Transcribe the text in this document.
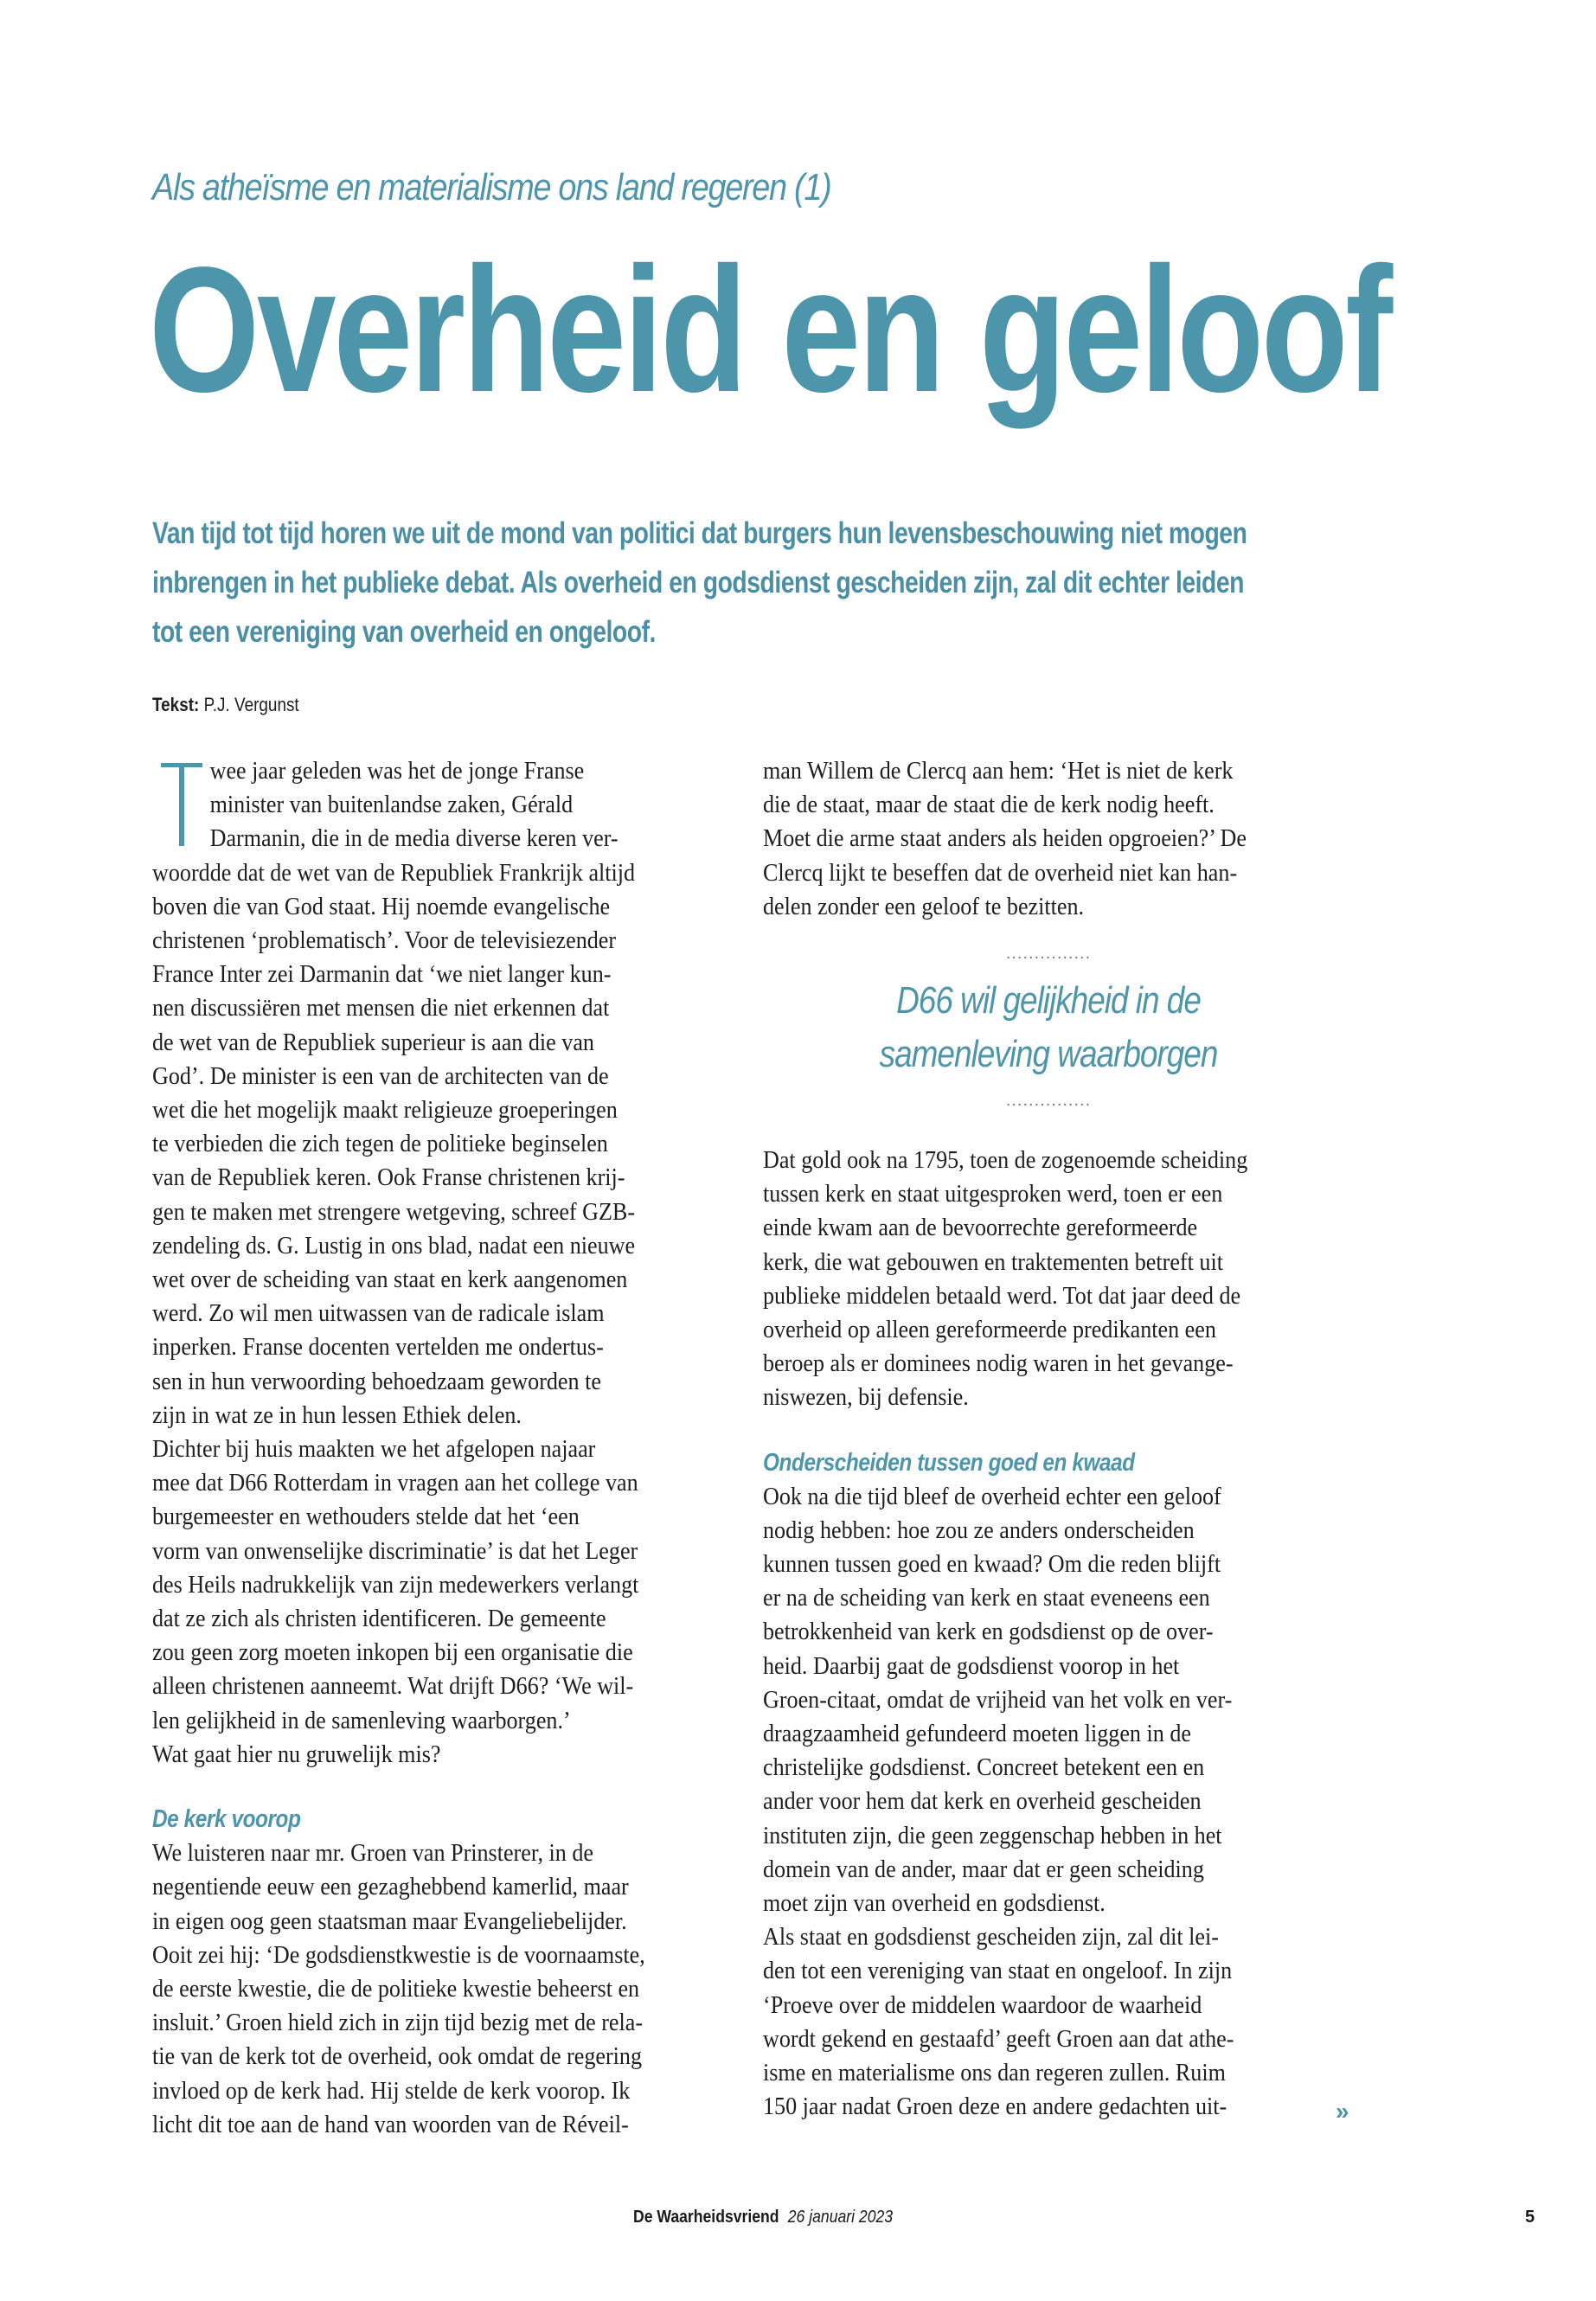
Als atheïsme en materialisme ons land regeren (1)
Overheid en geloof
Van tijd tot tijd horen we uit de mond van politici dat burgers hun levensbeschouwing niet mogen
inbrengen in het publieke debat. Als overheid en godsdienst gescheiden zijn, zal dit echter leiden
tot een vereniging van overheid en ongeloof.
Tekst: P.J. Vergunst
wee jaar geleden was het de jonge Franse
minister van buitenlandse zaken, Gérald
Darmanin, die in de media diverse keren ver-
woordde dat de wet van de Republiek Frankrijk altijd
boven die van God staat. Hij noemde evangelische
christenen ‘problematisch’. Voor de televisiezender
France Inter zei Darmanin dat ‘we niet langer kun-
nen discussiëren met mensen die niet erkennen dat
de wet van de Republiek superieur is aan die van
God’. De minister is een van de architecten van de
wet die het mogelijk maakt religieuze groeperingen
te verbieden die zich tegen de politieke beginselen
van de Republiek keren. Ook Franse christenen krij-
gen te maken met strengere wetgeving, schreef GZB-
zendeling ds. G. Lustig in ons blad, nadat een nieuwe
wet over de scheiding van staat en kerk aangenomen
werd. Zo wil men uitwassen van de radicale islam
inperken. Franse docenten vertelden me ondertus-
sen in hun verwoording behoedzaam geworden te
zijn in wat ze in hun lessen Ethiek delen.
Dichter bij huis maakten we het afgelopen najaar
mee dat D66 Rotterdam in vragen aan het college van
burgemeester en wethouders stelde dat het ‘een
vorm van onwenselijke discriminatie’ is dat het Leger
des Heils nadrukkelijk van zijn medewerkers verlangt
dat ze zich als christen identificeren. De gemeente
zou geen zorg moeten inkopen bij een organisatie die
alleen christenen aanneemt. Wat drijft D66? ‘We wil-
len gelijkheid in de samenleving waarborgen.’
Wat gaat hier nu gruwelijk mis?
De kerk voorop
We luisteren naar mr. Groen van Prinsterer, in de
negentiende eeuw een gezaghebbend kamerlid, maar
in eigen oog geen staatsman maar Evangeliebelijder.
Ooit zei hij: ‘De godsdienstkwestie is de voornaamste,
de eerste kwestie, die de politieke kwestie beheerst en
insluit.’ Groen hield zich in zijn tijd bezig met de rela-
tie van de kerk tot de overheid, ook omdat de regering
invloed op de kerk had. Hij stelde de kerk voorop. Ik
licht dit toe aan de hand van woorden van de Réveil-
man Willem de Clercq aan hem: ‘Het is niet de kerk
die de staat, maar de staat die de kerk nodig heeft.
Moet die arme staat anders als heiden opgroeien?’ De
Clercq lijkt te beseffen dat de overheid niet kan han-
delen zonder een geloof te bezitten.
...............
D66 wil gelijkheid in de
samenleving waarborgen
...............
Dat gold ook na 1795, toen de zogenoemde scheiding
tussen kerk en staat uitgesproken werd, toen er een
einde kwam aan de bevoorrechte gereformeerde
kerk, die wat gebouwen en traktementen betreft uit
publieke middelen betaald werd. Tot dat jaar deed de
overheid op alleen gereformeerde predikanten een
beroep als er dominees nodig waren in het gevange-
niswezen, bij defensie.
Onderscheiden tussen goed en kwaad
Ook na die tijd bleef de overheid echter een geloof
nodig hebben: hoe zou ze anders onderscheiden
kunnen tussen goed en kwaad? Om die reden blijft
er na de scheiding van kerk en staat eveneens een
betrokkenheid van kerk en godsdienst op de over-
heid. Daarbij gaat de godsdienst voorop in het
Groen-citaat, omdat de vrijheid van het volk en ver-
draagzaamheid gefundeerd moeten liggen in de
christelijke godsdienst. Concreet betekent een en
ander voor hem dat kerk en overheid gescheiden
instituten zijn, die geen zeggenschap hebben in het
domein van de ander, maar dat er geen scheiding
moet zijn van overheid en godsdienst.
Als staat en godsdienst gescheiden zijn, zal dit lei-
den tot een vereniging van staat en ongeloof. In zijn
‘Proeve over de middelen waardoor de waarheid
wordt gekend en gestaafd’ geeft Groen aan dat athe-
isme en materialisme ons dan regeren zullen. Ruim
150 jaar nadat Groen deze en andere gedachten uit-	»
De Waarheidsvriend 26 januari 2023	5
